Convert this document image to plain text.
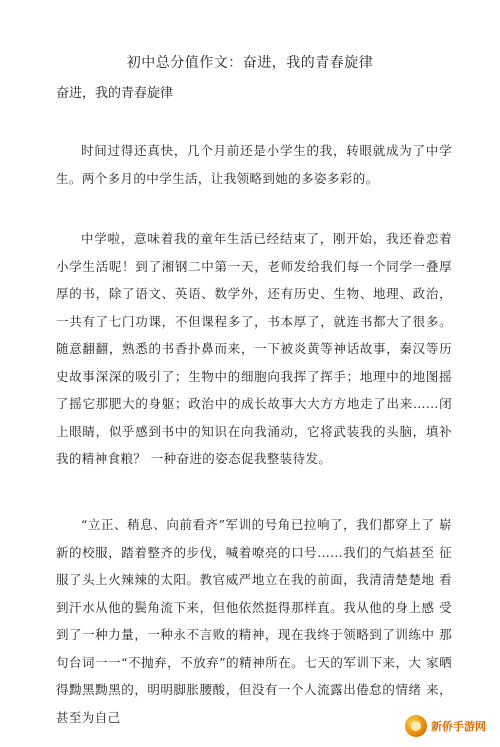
初中总分值作文：奋进，我的青春旋律
奋进，我的青春旋律

时间过得还真快，几个月前还是小学生的我，转眼就成为了中学 生。两个多月的中学生活，让我领略到她的多姿多彩的。

中学啦，意味着我的童年生活已经结束了，刚开始，我还眷恋着 小学生活呢！到了湘钢二中第一天，老师发给我们每一个同学一叠厚 厚的书，除了语文、英语、数学外，还有历史、生物、地理、政治，一共有了七门功课，不但课程多了，书本厚了，就连书都大了很多。 随意翻翻，熟悉的书香扑鼻而来，一下被炎黄等神话故事，秦汉等历 史故事深深的吸引了；生物中的细胞向我挥了挥手；地理中的地图摇 了摇它那肥大的身躯；政治中的成长故事大大方方地走了出来……闭 上眼睛，似乎感到书中的知识在向我涌动，它将武装我的头脑，填补 我的精神食粮？ 一种奋进的姿态促我整装待发。

“立正、稍息、向前看齐”军训的号角已拉响了，我们都穿上了 崭新的校服，踏着整齐的步伐，喊着嘹亮的口号……我们的气焰甚至 征服了头上火辣辣的太阳。教官威严地立在我的前面，我清清楚楚地 看到汗水从他的鬓角流下来，但他依然挺得那样直。我从他的身上感 受到了一种力量，一种永不言败的精神，现在我终于领略到了训练中 那句台词一一“不抛弃，不放弃”的精神所在。七天的军训下来，大 家晒得黝黑黝黑的，明明脚胀腰酸，但没有一个人流露出倦怠的情绪 来，甚至为自己

新侨手游网
